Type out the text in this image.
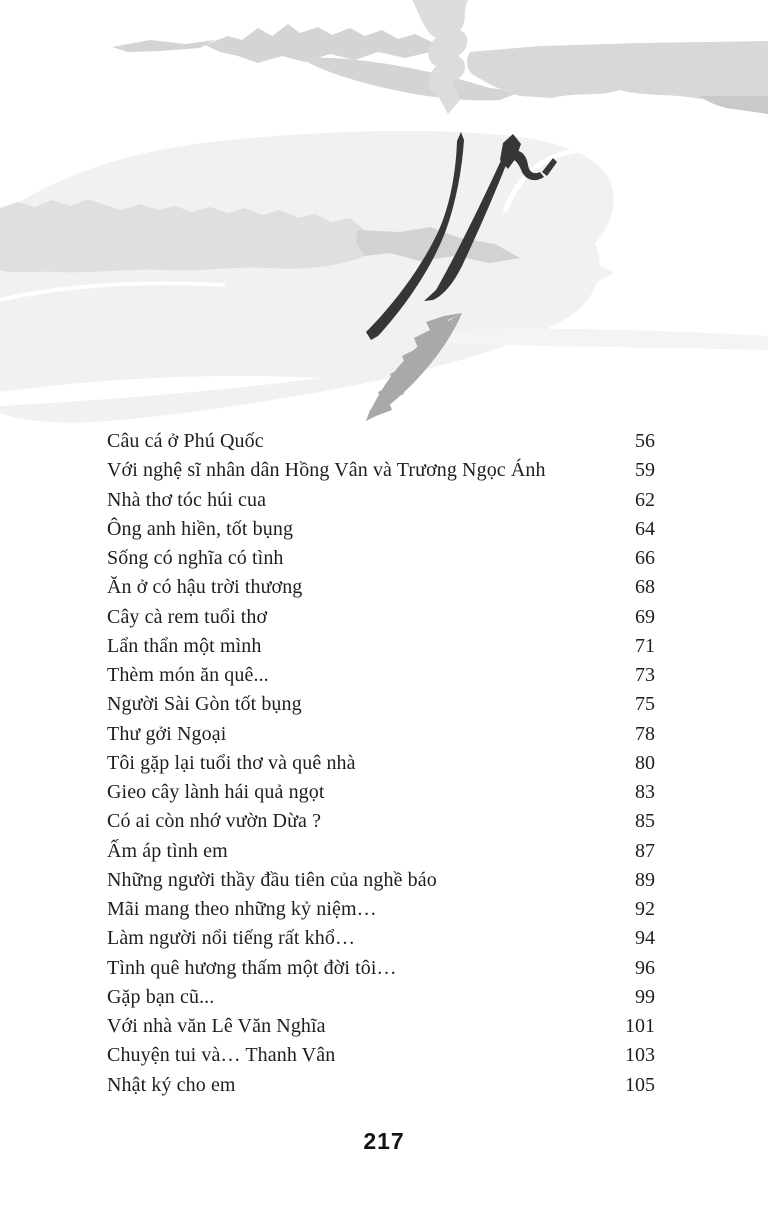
Câu cá ở Phú Quốc	56
Với nghệ sĩ nhân dân Hồng Vân và Trương Ngọc Ánh	59
Nhà thơ tóc húi cua	62
Ông anh hiền, tốt bụng	64
Sống có nghĩa có tình	66
Ăn ở có hậu trời thương	68
Cây cà rem tuổi thơ	69
Lẩn thẩn một mình	71
Thèm món ăn quê...	73
Người Sài Gòn tốt bụng	75
Thư gởi Ngoại	78
Tôi gặp lại tuổi thơ và quê nhà	80
Gieo cây lành hái quả ngọt	83
Có ai còn nhớ vườn Dừa ?	85
Ấm áp tình em	87
Những người thầy đầu tiên của nghề báo	89
Mãi mang theo những kỷ niệm…	92
Làm người nổi tiếng rất khổ…	94
Tình quê hương thấm một đời tôi…	96
Gặp bạn cũ...	99
Với nhà văn Lê Văn Nghĩa	101
Chuyện tui và… Thanh Vân	103
Nhật ký cho em	105
217
